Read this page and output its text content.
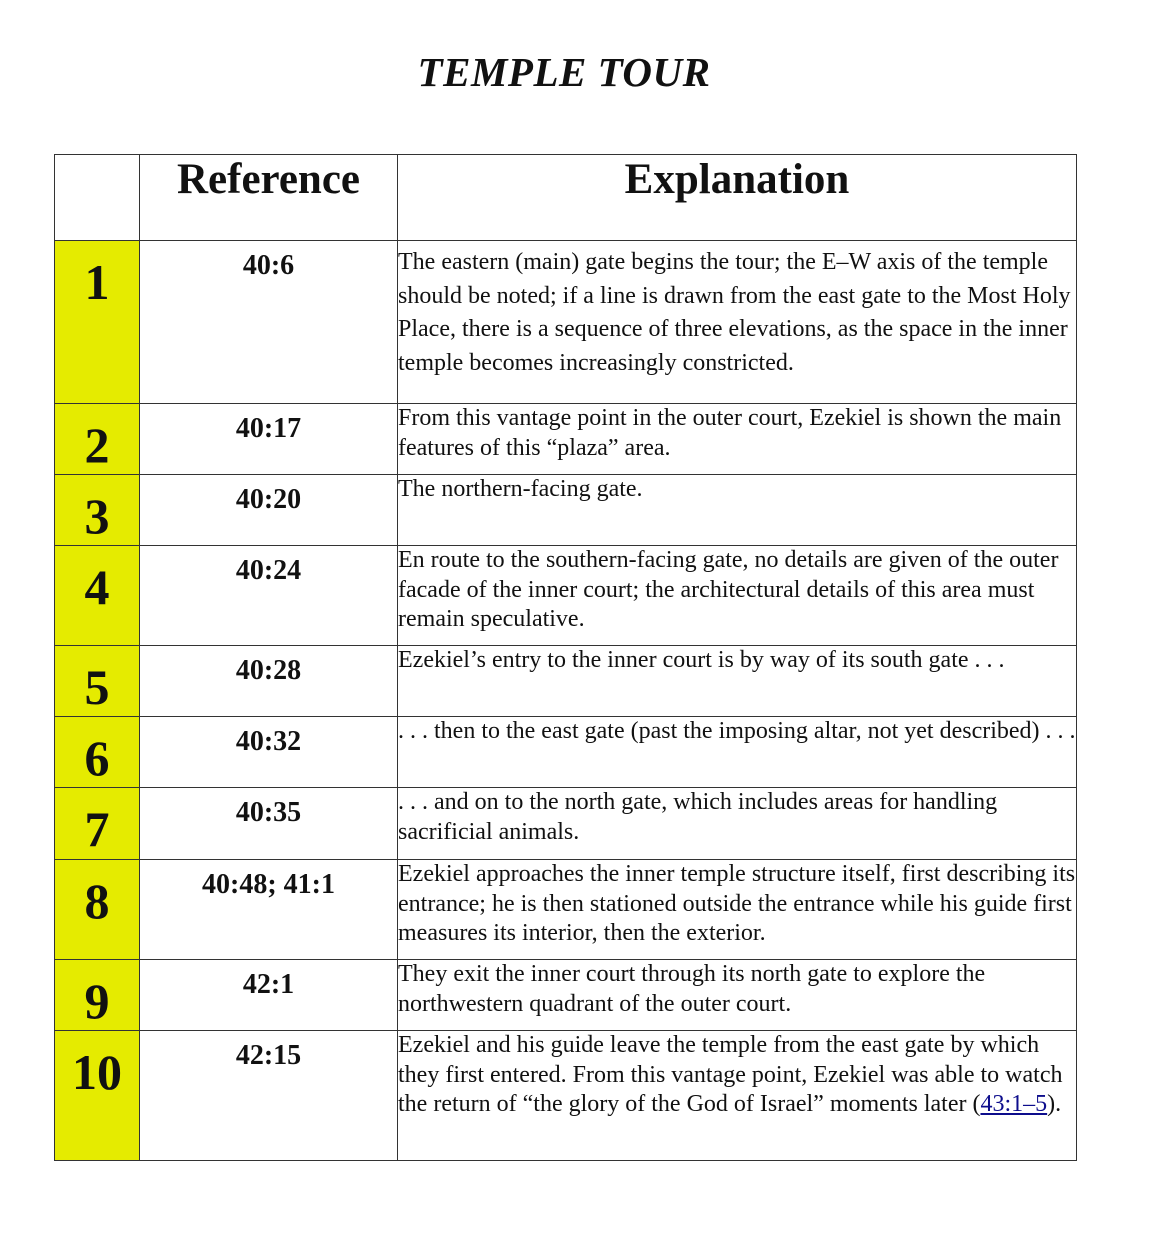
TEMPLE TOUR
	Reference	Explanation

1	40:6	The eastern (main) gate begins the tour; the E–W axis of the temple should be noted; if a line is drawn from the east gate to the Most Holy Place, there is a sequence of three elevations, as the space in the inner temple becomes increasingly constricted.

2	40:17	From this vantage point in the outer court, Ezekiel is shown the main features of this “plaza” area.

3	40:20	The northern-facing gate.

4	40:24	En route to the southern-facing gate, no details are given of the outer facade of the inner court; the architectural details of this area must remain speculative.

5	40:28	Ezekiel’s entry to the inner court is by way of its south gate . . .

6	40:32	. . . then to the east gate (past the imposing altar, not yet described) . . .

7	40:35	. . . and on to the north gate, which includes areas for handling sacrificial animals.

8	40:48; 41:1	Ezekiel approaches the inner temple structure itself, first describing its entrance; he is then stationed outside the entrance while his guide first measures its interior, then the exterior.

9	42:1	They exit the inner court through its north gate to explore the northwestern quadrant of the outer court.

10	42:15	Ezekiel and his guide leave the temple from the east gate by which they first entered. From this vantage point, Ezekiel was able to watch the return of “the glory of the God of Israel” moments later (43:1–5).
